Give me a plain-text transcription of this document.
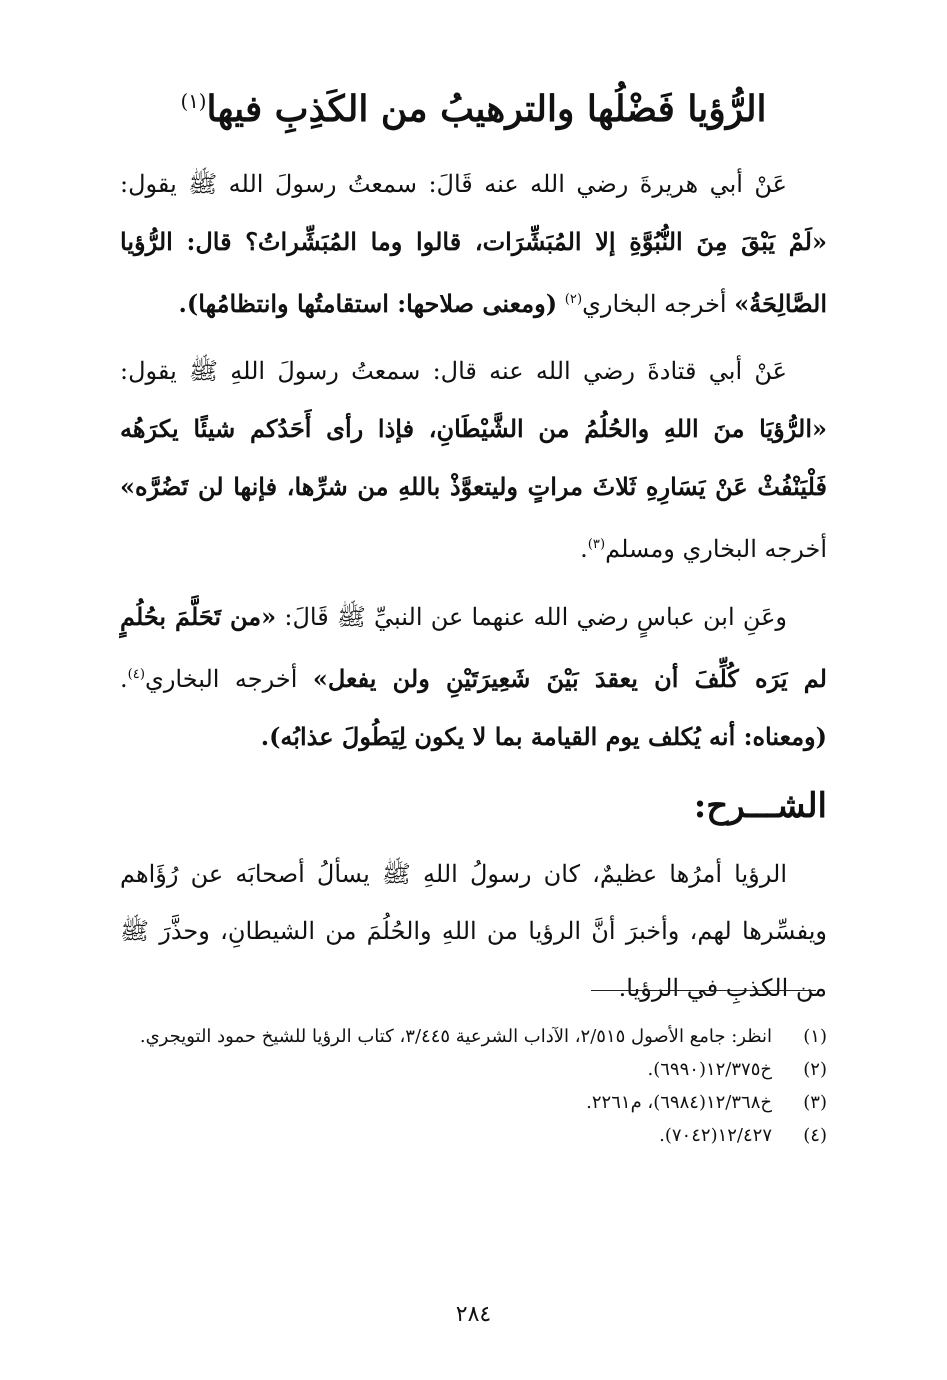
الرُّؤيا فَضْلُها والترهيبُ من الكَذِبِ فيها$^{(١)}$

عَنْ أبي هريرةَ رضي الله عنه قَالَ: سمعتُ رسولَ الله ﷺ يقول: «لَمْ يَبْقَ مِنَ النُّبُوَّةِ إلا المُبَشِّرَات، قالوا وما المُبَشِّراتُ؟ قال: الرُّؤيا الصَّالِحَةُ» أخرجه البخاري$^{(٢)}$ (ومعنى صلاحها: استقامتُها وانتظامُها).

عَنْ أبي قتادةَ رضي الله عنه قال: سمعتُ رسولَ اللهِ ﷺ يقول: «الرُّؤيَا منَ اللهِ والحُلُمُ من الشَّيْطَانِ، فإذا رأى أَحَدُكم شيئًا يكرَهُه فَلْيَنْفُثْ عَنْ يَسَارِهِ ثَلاثَ مراتٍ وليتعوَّذْ باللهِ من شرِّها، فإنها لن تَضُرَّه» أخرجه البخاري ومسلم$^{(٣)}$.

وعَنِ ابن عباسٍ رضي الله عنهما عن النبيِّ ﷺ قَالَ: «من تَحَلَّمَ بحُلُمٍ لم يَرَه كُلِّفَ أن يعقدَ بَيْنَ شَعِيرَتَيْنِ ولن يفعل» أخرجه البخاري$^{(٤)}$. (ومعناه: أنه يُكلف يوم القيامة بما لا يكون لِيَطُولَ عذابُه).

الشـــرح:

الرؤيا أمرُها عظيمٌ، كان رسولُ اللهِ ﷺ يسألُ أصحابَه عن رُؤَاهم ويفسِّرها لهم، وأخبرَ أنَّ الرؤيا من اللهِ والحُلُمَ من الشيطانِ، وحذَّرَ ﷺ من الكذبِ في الرؤيا.

(١)
انظر: جامع الأصول ٢/٥١٥، الآداب الشرعية ٣/٤٤٥، كتاب الرؤيا للشيخ حمود التويجري.
(٢)
خ١٢/٣٧٥(٦٩٩٠).
(٣)
خ١٢/٣٦٨(٦٩٨٤)، م٢٢٦١.
(٤)
١٢/٤٢٧(٧٠٤٢).
٢٨٤
